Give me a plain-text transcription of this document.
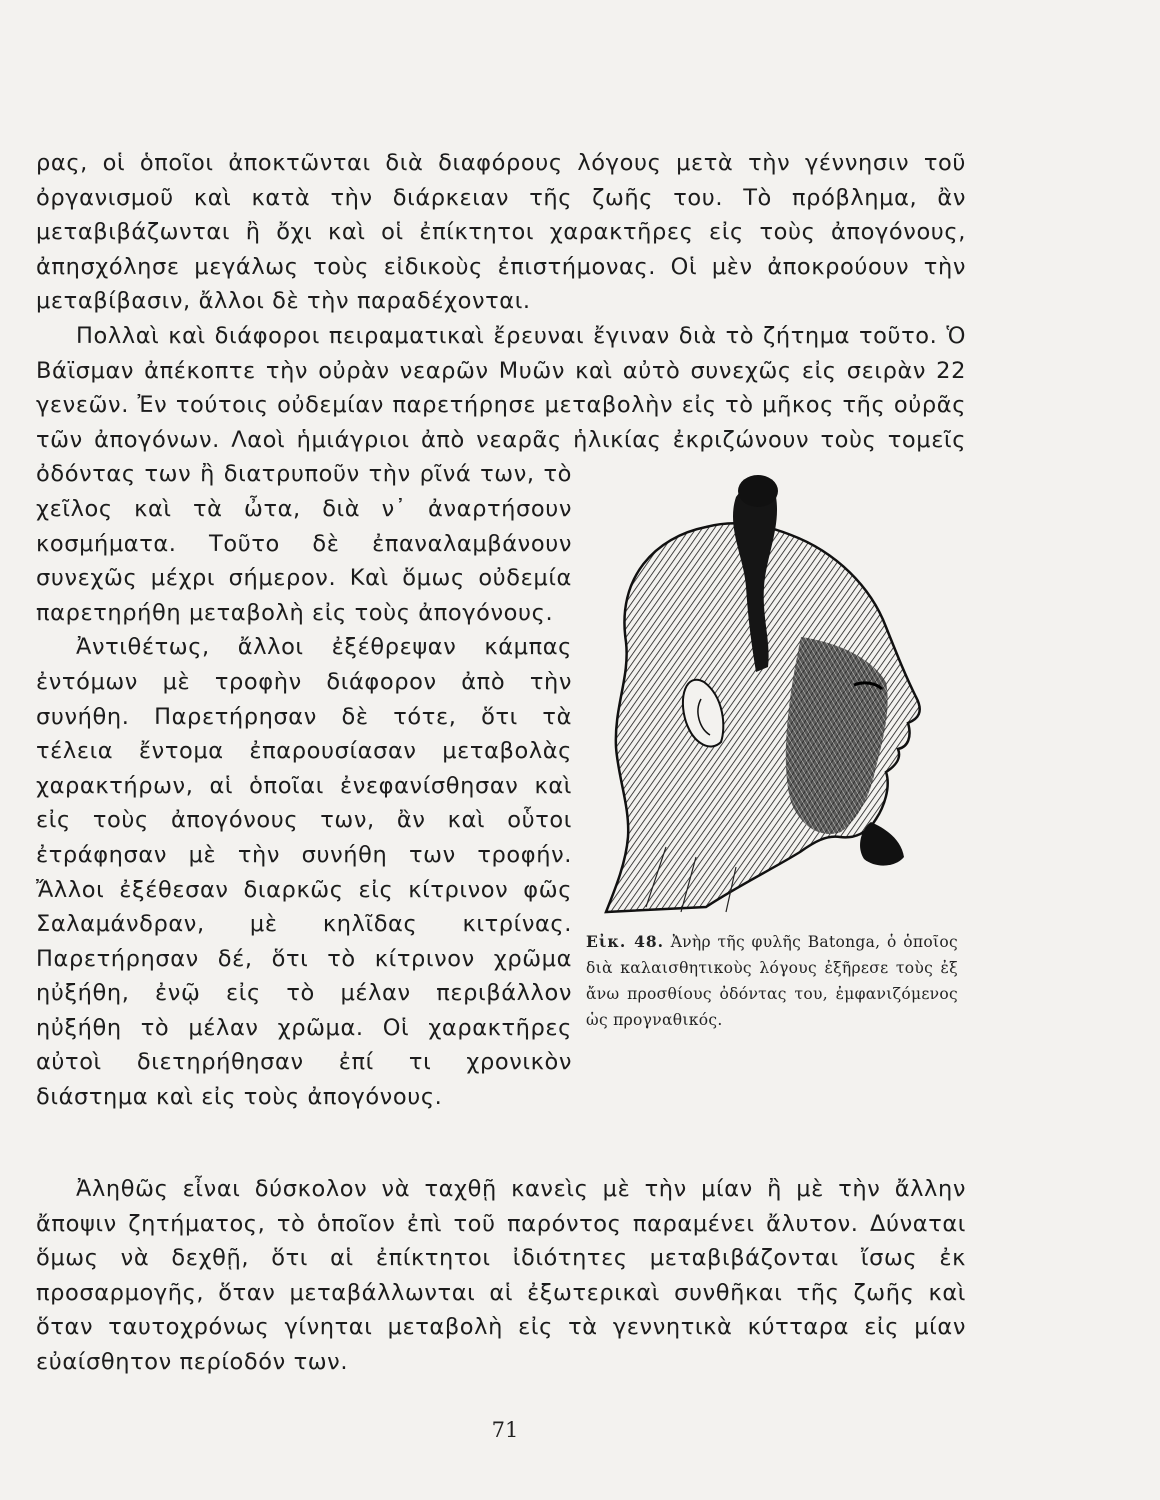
ρας, οἱ ὁποῖοι ἀποκτῶνται διὰ διαφόρους λόγους μετὰ τὴν γέννησιν τοῦ ὀργανισμοῦ καὶ κατὰ τὴν διάρκειαν τῆς ζωῆς του. Τὸ πρόβλημα, ἂν μεταβιβάζωνται ἢ ὄχι καὶ οἱ ἐπίκτητοι χαρακτῆρες εἰς τοὺς ἀπογόνους, ἀπησχόλησε μεγάλως τοὺς εἰδικοὺς ἐπιστήμονας. Οἱ μὲν ἀποκρούουν τὴν μεταβίβασιν, ἄλλοι δὲ τὴν παραδέχονται.

Εἰκ. 48. Ἀνὴρ τῆς φυλῆς Batonga, ὁ ὁποῖος διὰ καλαισθητικοὺς λόγους ἐξῆρεσε τοὺς ἐξ ἄνω προσθίους ὀδόντας του, ἐμφανιζόμενος ὡς προγναθικός.

Πολλαὶ καὶ διάφοροι πειραματικαὶ ἔρευναι ἔγιναν διὰ τὸ ζήτημα τοῦτο. Ὁ Βάϊσμαν ἀπέκοπτε τὴν οὐρὰν νεαρῶν Μυῶν καὶ αὐτὸ συνεχῶς εἰς σειρὰν 22 γενεῶν. Ἐν τούτοις οὐδεμίαν παρετήρησε μεταβολὴν εἰς τὸ μῆκος τῆς οὐρᾶς τῶν ἀπογόνων. Λαοὶ ἡμιάγριοι ἀπὸ νεαρᾶς ἡλικίας ἐκριζώνουν τοὺς τομεῖς ὀδόντας των ἢ διατρυποῦν τὴν ρῖνά των, τὸ χεῖλος καὶ τὰ ὦτα, διὰ ν᾿ ἀναρτήσουν κοσμήματα. Τοῦτο δὲ ἐπαναλαμβάνουν συνεχῶς μέχρι σήμερον. Καὶ ὅμως οὐδεμία παρετηρήθη μεταβολὴ εἰς τοὺς ἀπογόνους.

Ἀντιθέτως, ἄλλοι ἐξέθρεψαν κάμπας ἐντόμων μὲ τροφὴν διάφορον ἀπὸ τὴν συνήθη. Παρετήρησαν δὲ τότε, ὅτι τὰ τέλεια ἔντομα ἐπαρουσίασαν μεταβολὰς χαρακτήρων, αἱ ὁποῖαι ἐνεφανίσθησαν καὶ εἰς τοὺς ἀπογόνους των, ἂν καὶ οὗτοι ἐτράφησαν μὲ τὴν συνήθη των τροφήν. Ἄλλοι ἐξέθεσαν διαρκῶς εἰς κίτρινον φῶς Σαλαμάνδραν, μὲ κηλῖδας κιτρίνας. Παρετήρησαν δέ, ὅτι τὸ κίτρινον χρῶμα ηὐξήθη, ἐνῷ εἰς τὸ μέλαν περιβάλλον ηὐξήθη τὸ μέλαν χρῶμα. Οἱ χαρακτῆρες αὐτοὶ διετηρήθησαν ἐπί τι χρονικὸν διάστημα καὶ εἰς τοὺς ἀπογόνους.

Ἀληθῶς εἶναι δύσκολον νὰ ταχθῇ κανεὶς μὲ τὴν μίαν ἢ μὲ τὴν ἄλλην ἄποψιν ζητήματος, τὸ ὁποῖον ἐπὶ τοῦ παρόντος παραμένει ἄλυτον. Δύναται ὅμως νὰ δεχθῇ, ὅτι αἱ ἐπίκτητοι ἰδιότητες μεταβιβάζονται ἴσως ἐκ προσαρμογῆς, ὅταν μεταβάλλωνται αἱ ἐξωτερικαὶ συνθῆκαι τῆς ζωῆς καὶ ὅταν ταυτοχρόνως γίνηται μεταβολὴ εἰς τὰ γεννητικὰ κύτταρα εἰς μίαν εὐαίσθητον περίοδόν των.

71
